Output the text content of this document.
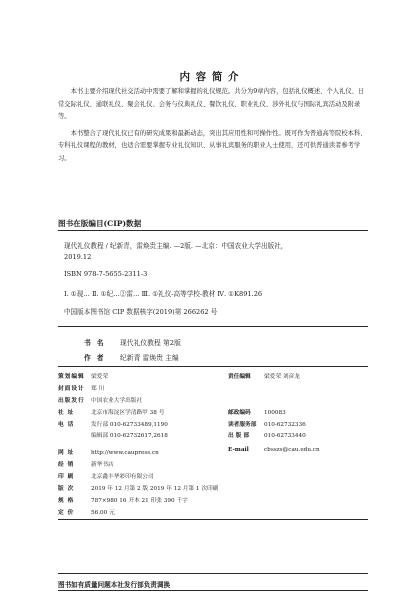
内 容 简 介

本书主要介绍现代社交活动中需要了解和掌握的礼仪规范。共分为9章内容，包括礼仪概述、个人礼仪、日常交际礼仪、通联礼仪、聚会礼仪、会务与仪典礼仪、餐饮礼仪、职业礼仪、涉外礼仪与国际礼宾活动及附录等。

本书整合了现代礼仪已有的研究成果和最新动态，突出其应用性和可操作性。既可作为普通高等院校本科、专科礼仪课程的教材，也适合需要掌握专业礼仪知识、从事礼宾服务的职业人士使用，还可供普通读者参考学习。

图书在版编目(CIP)数据
现代礼仪教程 / 纪新青，雷焕贵主编. —2版. —北京：中国农业大学出版社，
2019.12
ISBN 978-7-5655-2311-3
Ⅰ. ①现… Ⅱ. ①纪…②雷… Ⅲ. ①礼仪-高等学校-教材 Ⅳ. ①K891.26
中国版本图书馆 CIP 数据核字(2019)第 266262 号
书名 现代礼仪教程 第2版
作者 纪新青 雷焕贵 主编
策划编辑 梁爱荣
封面设计 郑 川
出版发行 中国农业大学出版社
社 址	北京市海淀区学清路甲 38 号
电 话	发行部 010-62733489,1190
编辑部 010-62732617,2618
网 址	http://www.caupress.cn
经 销	新华书店
印 刷	北京鑫丰华彩印有限公司
版 次	2019 年 12 月第 2 版 2019 年 12 月第 1 次印刷
规 格	787×980 16 开本 21 印张 390 千字
定 价	56.00 元
责任编辑 梁爱荣 刘彦龙
邮政编码 100083
读者服务部 010-62732336
出 版 部	010-62733440
E-mail	cbsszs@cau.edu.cn
图书如有质量问题本社发行部负责调换
